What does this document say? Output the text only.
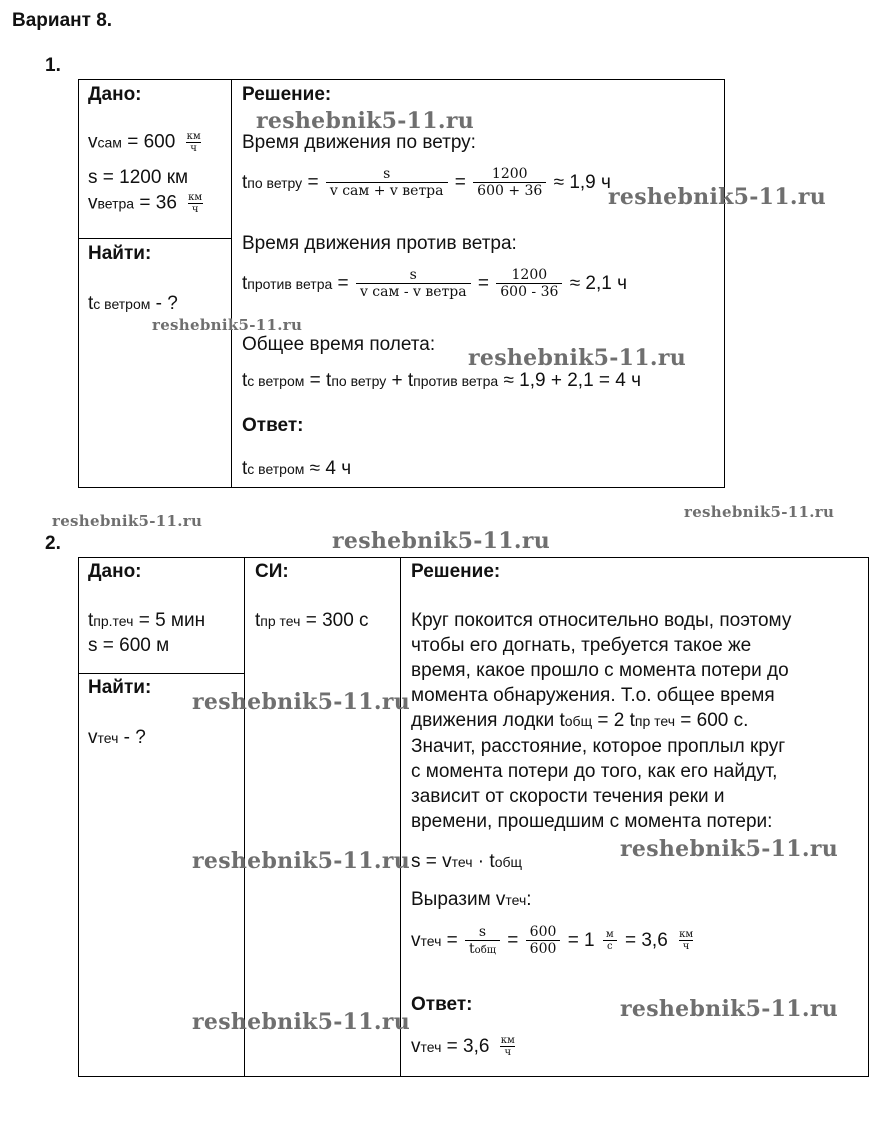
Вариант 8.
1.
Дано:
vсам = $600 \frac{км}{ч}$
s = 1200 км
vветра = $36 \frac{км}{ч}$
Найти:
tс ветром - ?
Решение:
Время движения по ветру:
t по ветру = $\frac{s}{\text{v сам + v ветра}} = \frac{1200}{600 + 36}$
≈ 1,9 ч
Время движения против ветра:
t против ветра = $\frac{s}{\text{v сам - v ветра}} = \frac{1200}{600 - 36}$
≈ 2,1 ч
Общее время полета:
tс ветром = tпо ветру + tпротив ветра ≈ 1,9 + 2,1 = 4 ч
Ответ:
tс ветром ≈ 4 ч
2.
Дано:
tпр.теч = 5 мин
s = 600 м
Найти:
vтеч - ?
СИ:
tпр теч = 300 с
Решение:
Круг покоится относительно воды, поэтому
чтобы его догнать, требуется такое же
время, какое прошло с момента потери до
момента обнаружения. Т.о. общее время
движения лодки tобщ = 2 tпр теч = 600 с.
Значит, расстояние, которое проплыл круг
с момента потери до того, как его найдут,
зависит от скорости течения реки и
времени, прошедшим с момента потери:
s = vтеч · tобщ
Выразим vтеч:
v теч = $\frac{s}{\text{tобщ}} = \frac{600}{600}$
= 1
$\frac{м}{с}$
= 3,6
$\frac{км}{ч}$
Ответ:
v теч
= 3,6
$\frac{км}{ч}$
reshebnik5-11.ru
reshebnik5-11.ru
reshebnik5-11.ru
reshebnik5-11.ru
reshebnik5-11.ru	reshebnik5-11.ru
reshebnik5-11.ru
reshebnik5-11.ru
reshebnik5-11.ru
reshebnik5-11.ru
reshebnik5-11.ru
reshebnik5-11.ru
